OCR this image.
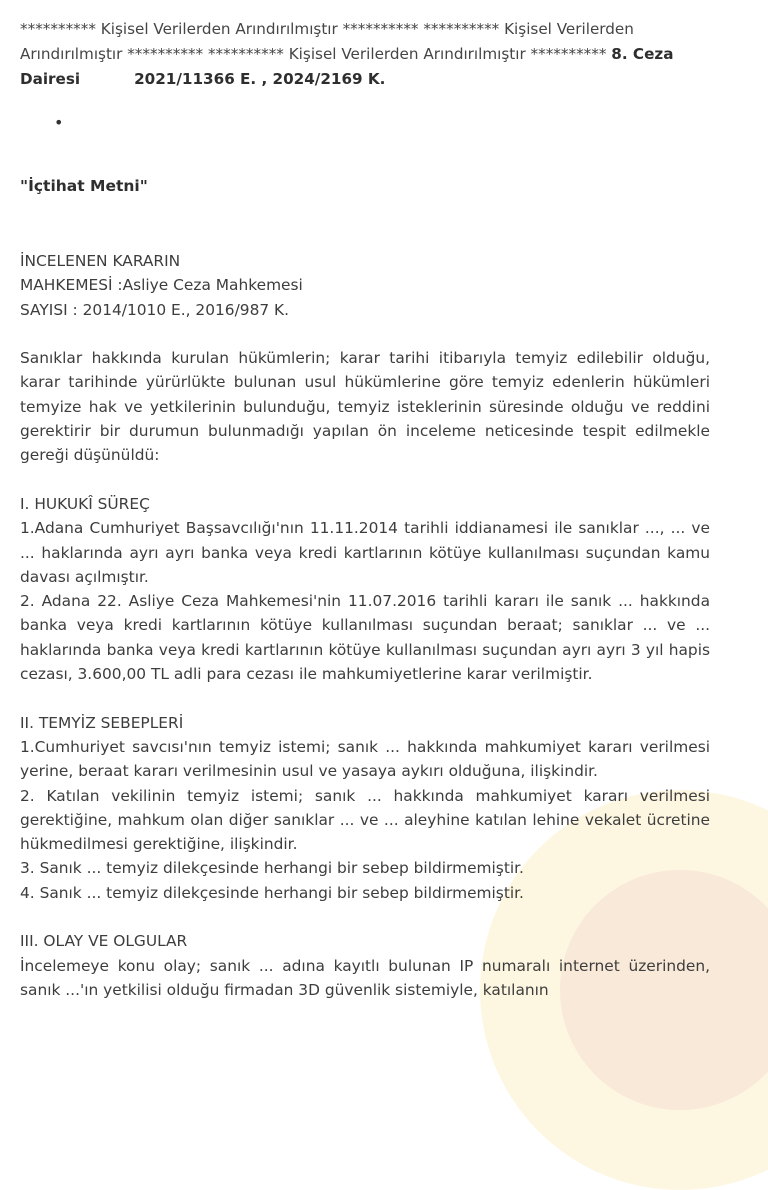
********** Kişisel Verilerden Arındırılmıştır ********** ********** Kişisel Verilerden
Arındırılmıştır ********** ********** Kişisel Verilerden Arındırılmıştır ********** 8. Ceza
Dairesi	2021/11366 E. , 2024/2169 K.
•
"İçtihat Metni"

İNCELENEN KARARIN

MAHKEMESİ :Asliye Ceza Mahkemesi

SAYISI : 2014/1010 E., 2016/987 K.

Sanıklar hakkında kurulan hükümlerin; karar tarihi itibarıyla temyiz edilebilir olduğu, karar tarihinde yürürlükte bulunan usul hükümlerine göre temyiz edenlerin hükümleri temyize hak ve yetkilerinin bulunduğu, temyiz isteklerinin süresinde olduğu ve reddini gerektirir bir durumun bulunmadığı yapılan ön inceleme neticesinde tespit edilmekle gereği düşünüldü:

I. HUKUKÎ SÜREÇ

1.Adana Cumhuriyet Başsavcılığı'nın 11.11.2014 tarihli iddianamesi ile sanıklar ..., ... ve ... haklarında ayrı ayrı banka veya kredi kartlarının kötüye kullanılması suçundan kamu davası açılmıştır.

2. Adana 22. Asliye Ceza Mahkemesi'nin 11.07.2016 tarihli kararı ile sanık ... hakkında banka veya kredi kartlarının kötüye kullanılması suçundan beraat; sanıklar ... ve ... haklarında banka veya kredi kartlarının kötüye kullanılması suçundan ayrı ayrı 3 yıl hapis cezası, 3.600,00 TL adli para cezası ile mahkumiyetlerine karar verilmiştir.

II. TEMYİZ SEBEPLERİ

1.Cumhuriyet savcısı'nın temyiz istemi; sanık ... hakkında mahkumiyet kararı verilmesi yerine, beraat kararı verilmesinin usul ve yasaya aykırı olduğuna, ilişkindir.

2. Katılan vekilinin temyiz istemi; sanık ... hakkında mahkumiyet kararı verilmesi gerektiğine, mahkum olan diğer sanıklar ... ve ... aleyhine katılan lehine vekalet ücretine hükmedilmesi gerektiğine, ilişkindir.

3. Sanık ... temyiz dilekçesinde herhangi bir sebep bildirmemiştir.

4. Sanık ... temyiz dilekçesinde herhangi bir sebep bildirmemiştir.

III. OLAY VE OLGULAR

İncelemeye konu olay; sanık ... adına kayıtlı bulunan IP numaralı internet üzerinden, sanık ...'ın yetkilisi olduğu firmadan 3D güvenlik sistemiyle, katılanın
